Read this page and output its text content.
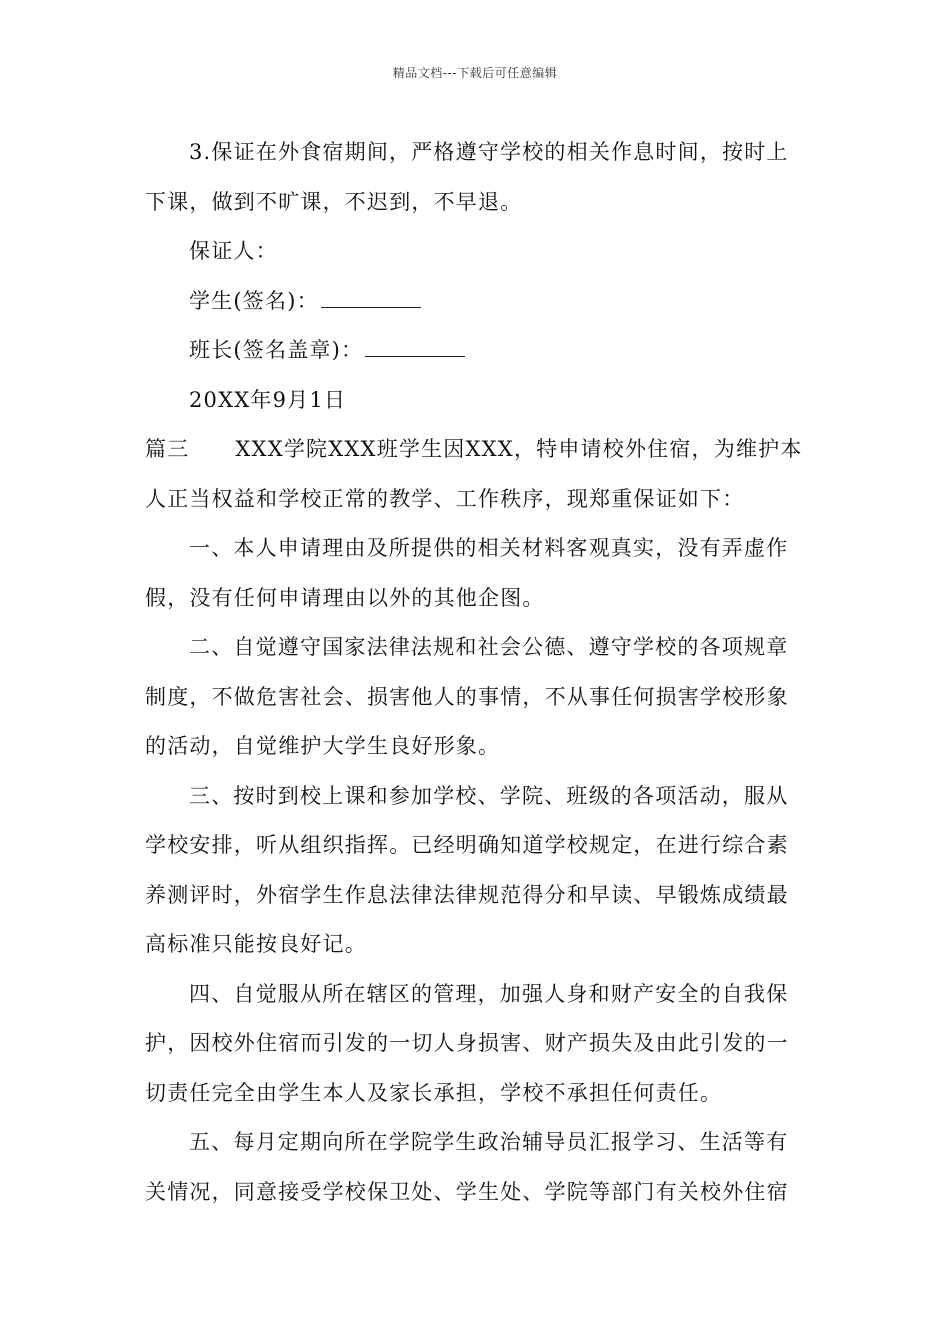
精品文档---下载后可任意编辑

3.保证在外食宿期间，严格遵守学校的相关作息时间，按时上下课，做到不旷课，不迟到，不早退。

保证人：

学生(签名)：

班长(签名盖章)：

20XX年9月1日

篇三 XXX学院XXX班学生因XXX，特申请校外住宿，为维护本人正当权益和学校正常的教学、工作秩序，现郑重保证如下：

一、本人申请理由及所提供的相关材料客观真实，没有弄虚作假，没有任何申请理由以外的其他企图。

二、自觉遵守国家法律法规和社会公德、遵守学校的各项规章制度，不做危害社会、损害他人的事情，不从事任何损害学校形象的活动，自觉维护大学生良好形象。

三、按时到校上课和参加学校、学院、班级的各项活动，服从学校安排，听从组织指挥。已经明确知道学校规定，在进行综合素养测评时，外宿学生作息法律法律规范得分和早读、早锻炼成绩最高标准只能按良好记。

四、自觉服从所在辖区的管理，加强人身和财产安全的自我保护，因校外住宿而引发的一切人身损害、财产损失及由此引发的一切责任完全由学生本人及家长承担，学校不承担任何责任。

五、每月定期向所在学院学生政治辅导员汇报学习、生活等有关情况，同意接受学校保卫处、学生处、学院等部门有关校外住宿
